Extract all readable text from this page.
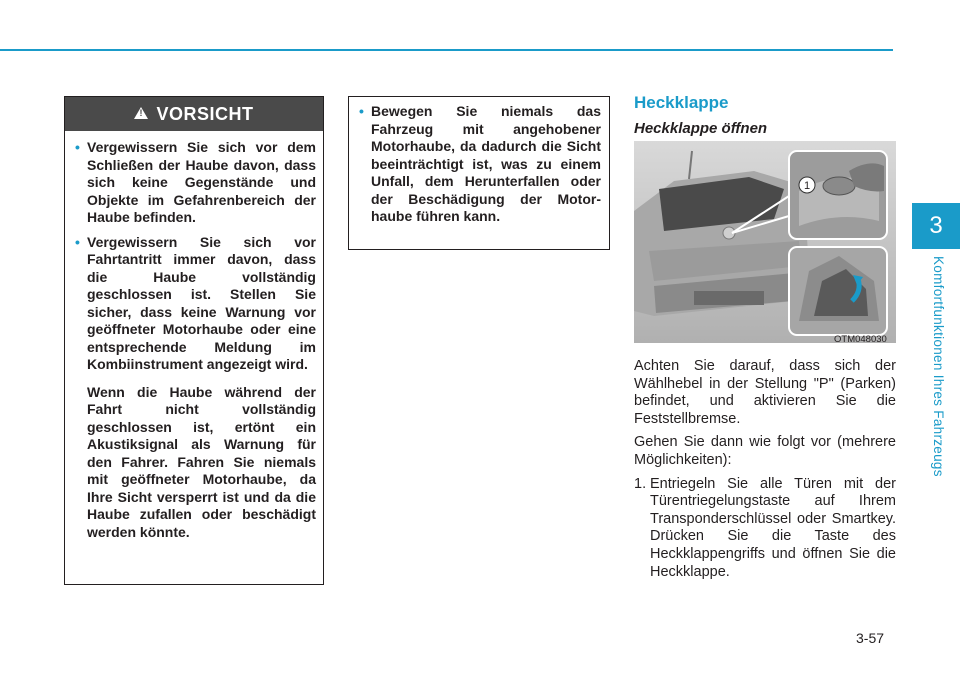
3
Komfortfunktionen Ihres Fahrzeugs
!
VORSICHT
• Vergewissern Sie sich vor dem Schließen der Haube davon, dass sich keine Gegenstände und Objekte im Gefahrenbereich der Haube befinden.
• Vergewissern Sie sich vor Fahrtantritt immer davon, dass die Haube vollständig geschlossen ist. Stellen Sie sicher, dass keine Warnung vor geöffneter Motorhaube oder eine entsprechende Meldung im Kombiinstrument angezeigt wird.
Wenn die Haube während der Fahrt nicht vollständig geschlossen ist, ertönt ein Akustiksignal als Warnung für den Fahrer. Fahren Sie niemals mit geöffneter Motorhaube, da Ihre Sicht versperrt ist und da die Haube zufallen oder beschädigt werden könnte.
• Bewegen Sie niemals das Fahrzeug mit angehobener Motorhaube, da dadurch die Sicht beeinträchtigt ist, was zu einem Unfall, dem Herunterfallen oder der Beschädigung der Motorhaube führen kann.
Heckklappe
Heckklappe öffnen
1
OTM048030

Achten Sie darauf, dass sich der Wählhebel in der Stellung "P" (Parken) befindet, und aktivieren Sie die Feststellbremse.

Gehen Sie dann wie folgt vor (mehrere Möglichkeiten):

1. Entriegeln Sie alle Türen mit der Türentriegelungstaste auf Ihrem Transponderschlüssel oder Smartkey. Drücken Sie die Taste des Heckklappengriffs und öffnen Sie die Heckklappe.
3-57
